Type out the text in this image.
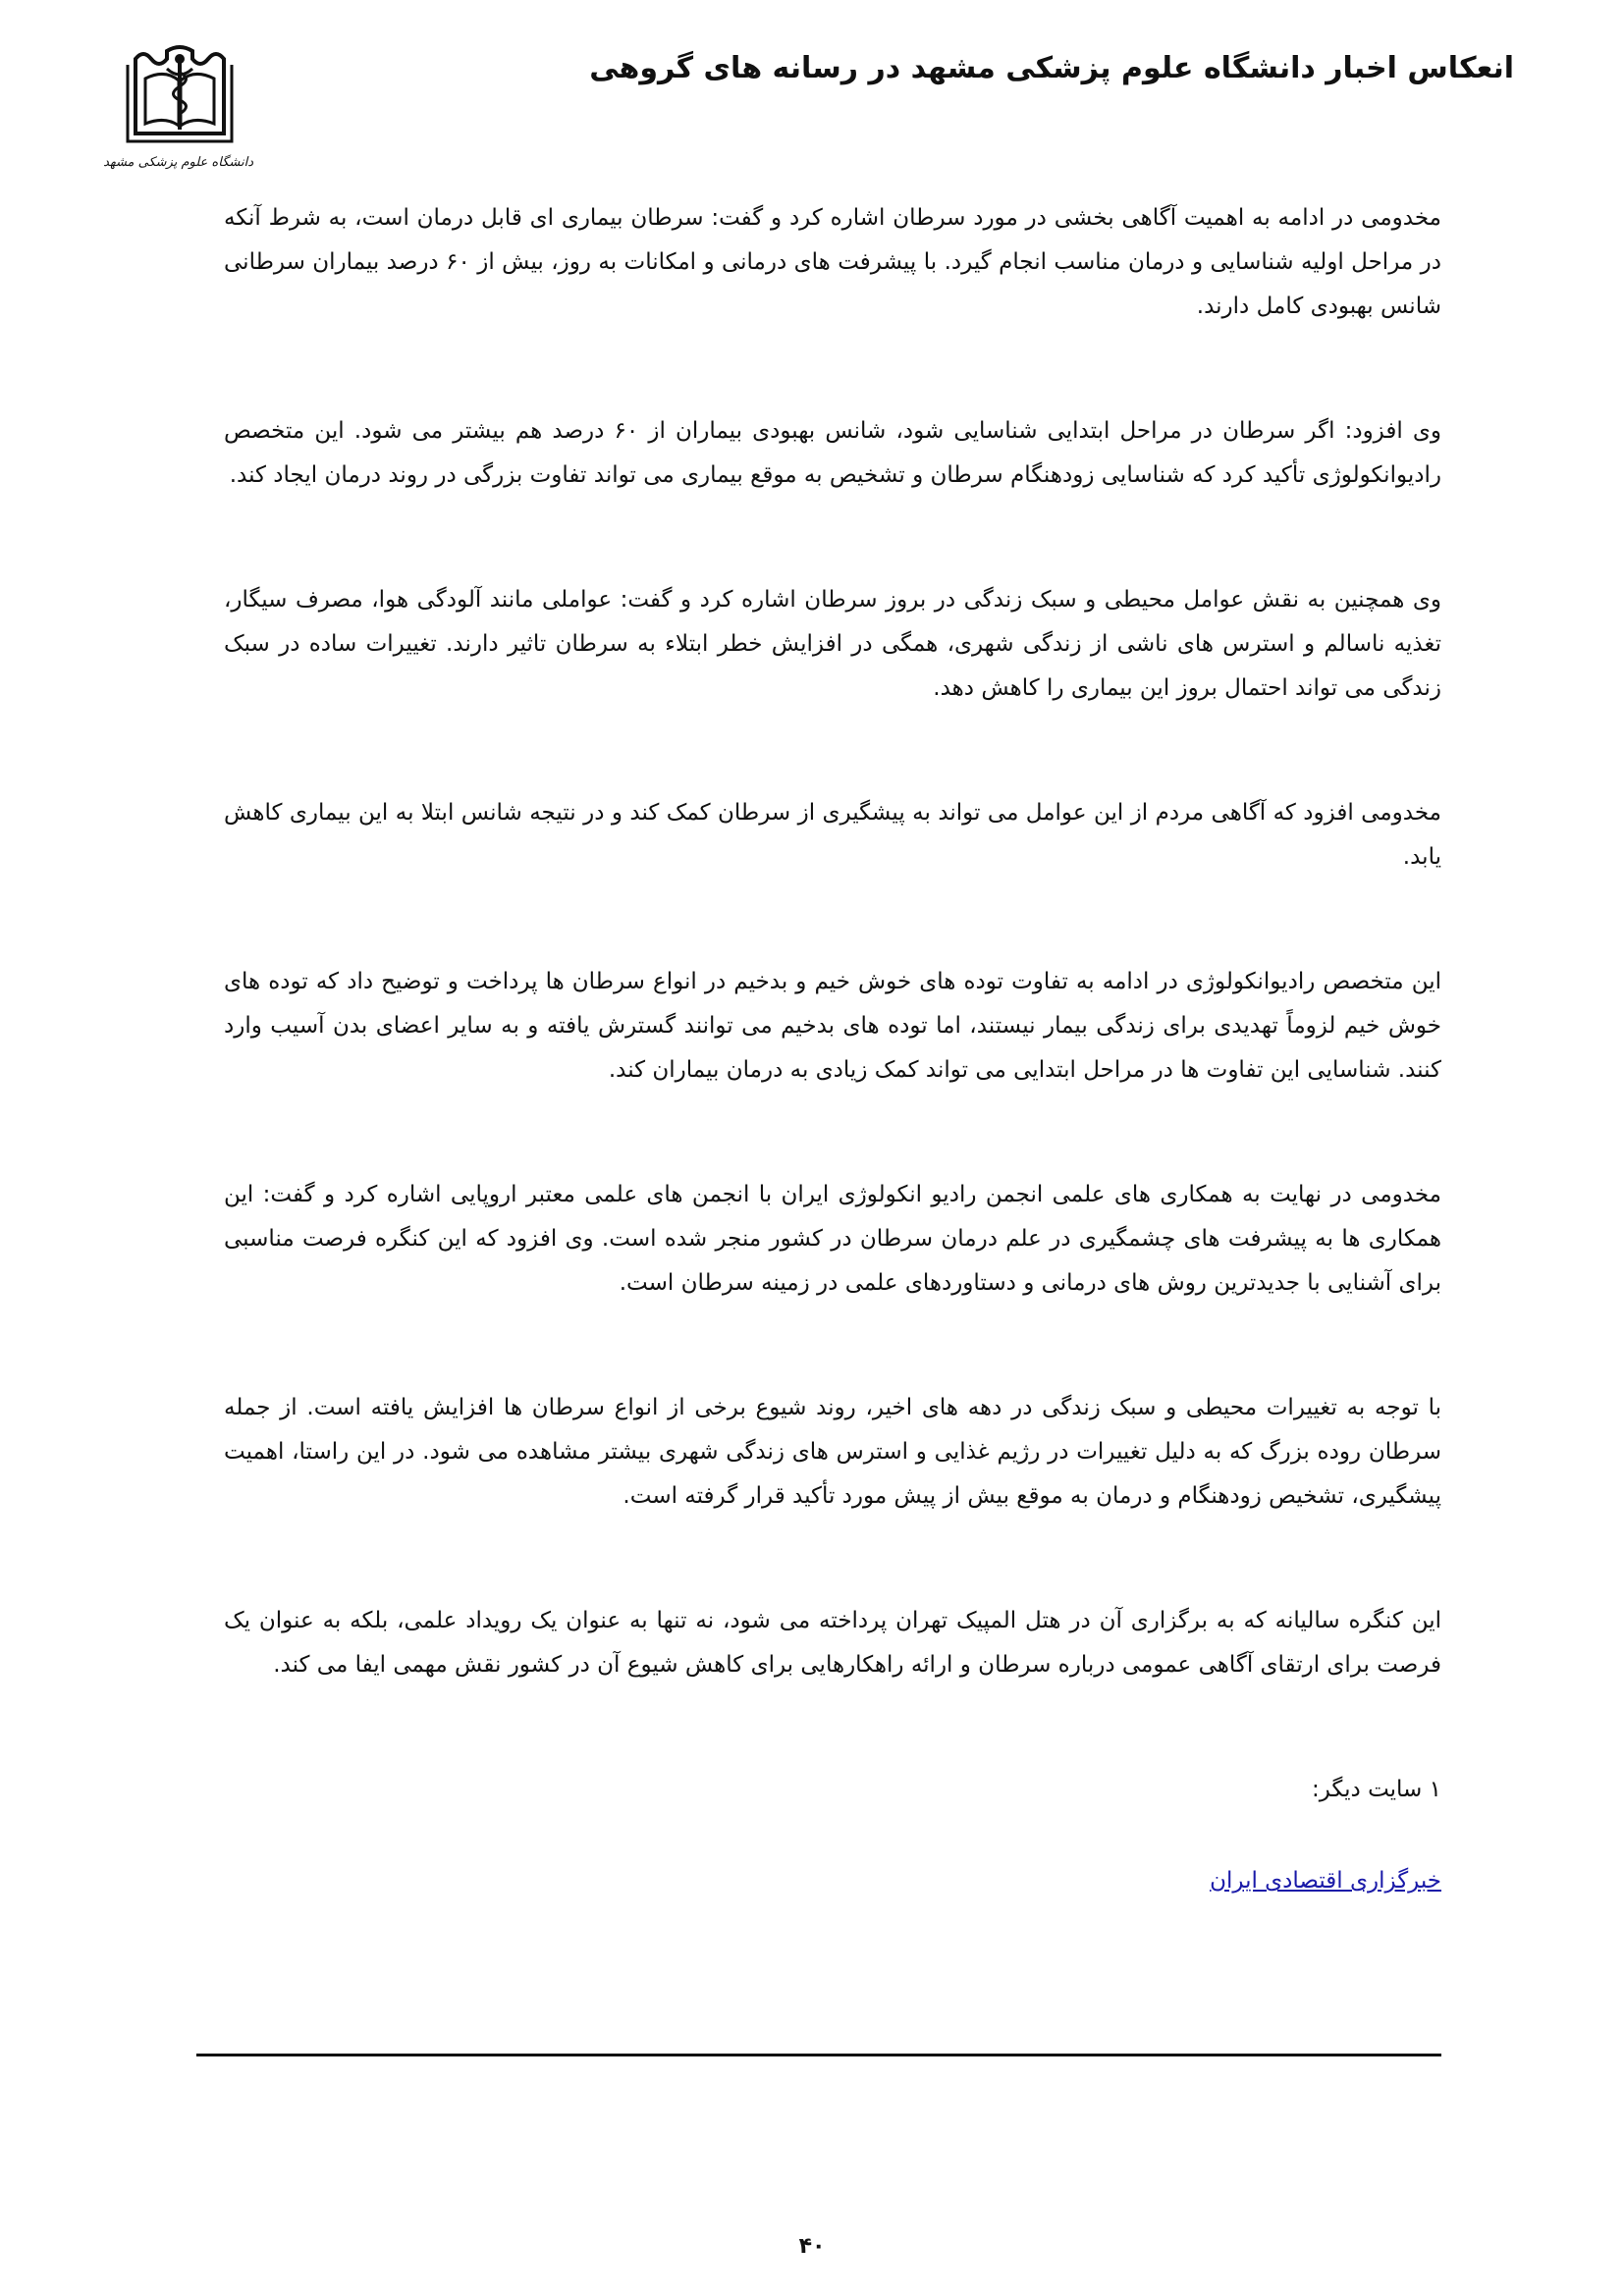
دانشگاه علوم پزشکی مشهد
انعکاس اخبار دانشگاه علوم پزشکی مشهد در رسانه های گروهی

مخدومی در ادامه به اهمیت آگاهی بخشی در مورد سرطان اشاره کرد و گفت: سرطان بیماری ای قابل درمان است، به شرط آنکه در مراحل اولیه شناسایی و درمان مناسب انجام گیرد. با پیشرفت های درمانی و امکانات به روز، بیش از ۶۰ درصد بیماران سرطانی شانس بهبودی کامل دارند.

وی افزود: اگر سرطان در مراحل ابتدایی شناسایی شود، شانس بهبودی بیماران از ۶۰ درصد هم بیشتر می شود. این متخصص رادیوانکولوژی تأکید کرد که شناسایی زودهنگام سرطان و تشخیص به موقع بیماری می تواند تفاوت بزرگی در روند درمان ایجاد کند.

وی همچنین به نقش عوامل محیطی و سبک زندگی در بروز سرطان اشاره کرد و گفت: عواملی مانند آلودگی هوا، مصرف سیگار، تغذیه ناسالم و استرس های ناشی از زندگی شهری، همگی در افزایش خطر ابتلاء به سرطان تاثیر دارند. تغییرات ساده در سبک زندگی می تواند احتمال بروز این بیماری را کاهش دهد.

مخدومی افزود که آگاهی مردم از این عوامل می تواند به پیشگیری از سرطان کمک کند و در نتیجه شانس ابتلا به این بیماری کاهش یابد.

این متخصص رادیوانکولوژی در ادامه به تفاوت توده های خوش خیم و بدخیم در انواع سرطان ها پرداخت و توضیح داد که توده های خوش خیم لزوماً تهدیدی برای زندگی بیمار نیستند، اما توده های بدخیم می توانند گسترش یافته و به سایر اعضای بدن آسیب وارد کنند. شناسایی این تفاوت ها در مراحل ابتدایی می تواند کمک زیادی به درمان بیماران کند.

مخدومی در نهایت به همکاری های علمی انجمن رادیو انکولوژی ایران با انجمن های علمی معتبر اروپایی اشاره کرد و گفت: این همکاری ها به پیشرفت های چشمگیری در علم درمان سرطان در کشور منجر شده است. وی افزود که این کنگره فرصت مناسبی برای آشنایی با جدیدترین روش های درمانی و دستاوردهای علمی در زمینه سرطان است.

با توجه به تغییرات محیطی و سبک زندگی در دهه های اخیر، روند شیوع برخی از انواع سرطان ها افزایش یافته است. از جمله سرطان روده بزرگ که به دلیل تغییرات در رژیم غذایی و استرس های زندگی شهری بیشتر مشاهده می شود. در این راستا، اهمیت پیشگیری، تشخیص زودهنگام و درمان به موقع بیش از پیش مورد تأکید قرار گرفته است.

این کنگره سالیانه که به برگزاری آن در هتل المپیک تهران پرداخته می شود، نه تنها به عنوان یک رویداد علمی، بلکه به عنوان یک فرصت برای ارتقای آگاهی عمومی درباره سرطان و ارائه راهکارهایی برای کاهش شیوع آن در کشور نقش مهمی ایفا می کند.

۱ سایت دیگر:

خبرگزاری اقتصادی ایران
۴۰
